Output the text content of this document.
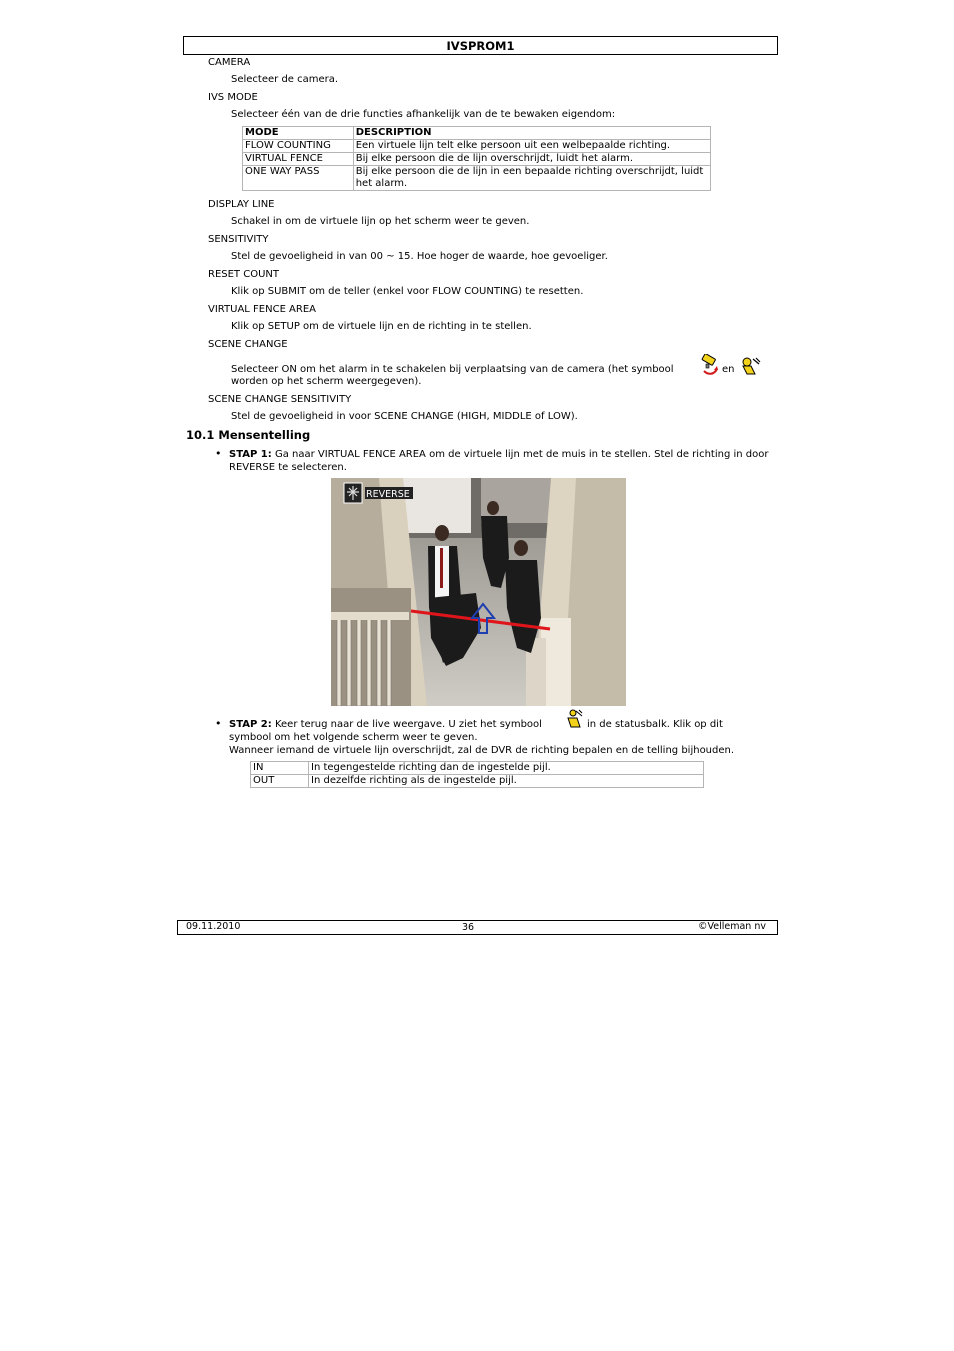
IVSPROM1
CAMERA
Selecteer de camera.
IVS MODE
Selecteer één van de drie functies afhankelijk van de te bewaken eigendom:
MODE	DESCRIPTION
FLOW COUNTING	Een virtuele lijn telt elke persoon uit een welbepaalde richting.
VIRTUAL FENCE	Bij elke persoon die de lijn overschrijdt, luidt het alarm.
ONE WAY PASS	Bij elke persoon die de lijn in een bepaalde richting overschrijdt, luidt het alarm.
DISPLAY LINE
Schakel in om de virtuele lijn op het scherm weer te geven.
SENSITIVITY
Stel de gevoeligheid in van 00 ~ 15. Hoe hoger de waarde, hoe gevoeliger.
RESET COUNT
Klik op SUBMIT om de teller (enkel voor FLOW COUNTING) te resetten.
VIRTUAL FENCE AREA
Klik op SETUP om de virtuele lijn en de richting in te stellen.
SCENE CHANGE
Selecteer ON om het alarm in te schakelen bij verplaatsing van de camera (het symbool	en
worden op het scherm weergegeven).
SCENE CHANGE SENSITIVITY
Stel de gevoeligheid in voor SCENE CHANGE (HIGH, MIDDLE of LOW).
10.1 Mensentelling
• STAP 1: Ga naar VIRTUAL FENCE AREA om de virtuele lijn met de muis in te stellen. Stel de richting in door REVERSE te selecteren.
REVERSE
• STAP 2: Keer terug naar de live weergave. U ziet het symbool	in de statusbalk. Klik op dit
symbool om het volgende scherm weer te geven.
Wanneer iemand de virtuele lijn overschrijdt, zal de DVR de richting bepalen en de telling bijhouden.
IN	In tegengestelde richting dan de ingestelde pijl.
OUT	In dezelfde richting als de ingestelde pijl.
09.11.2010	36	©Velleman nv
